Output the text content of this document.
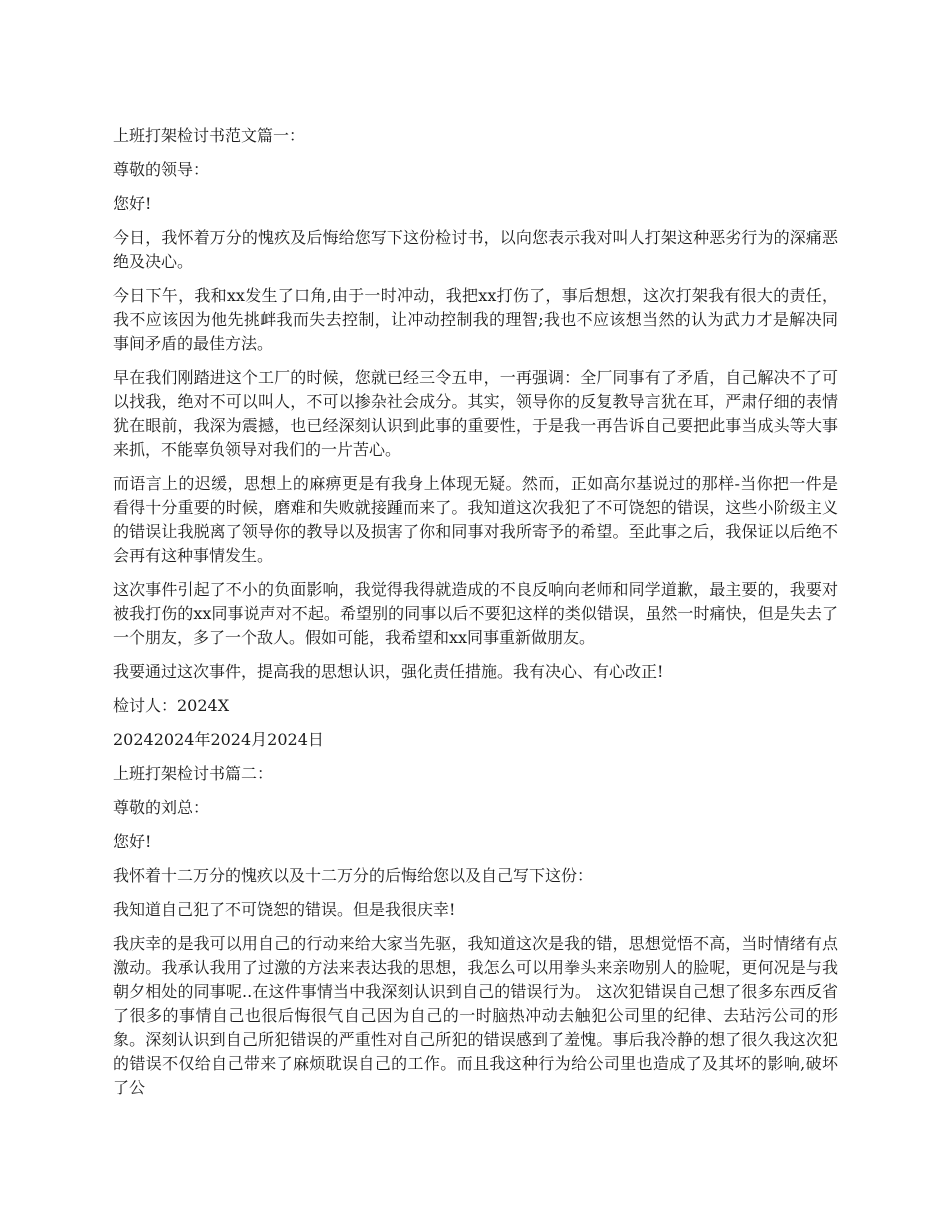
上班打架检讨书范文篇一：

尊敬的领导：

您好!

今日，我怀着万分的愧疚及后悔给您写下这份检讨书，以向您表示我对叫人打架这种恶劣行为的深痛恶绝及决心。

今日下午，我和xx发生了口角,由于一时冲动，我把xx打伤了，事后想想，这次打架我有很大的责任，我不应该因为他先挑衅我而失去控制，让冲动控制我的理智;我也不应该想当然的认为武力才是解决同事间矛盾的最佳方法。

早在我们刚踏进这个工厂的时候，您就已经三令五申，一再强调：全厂同事有了矛盾，自己解决不了可以找我，绝对不可以叫人，不可以掺杂社会成分。其实，领导你的反复教导言犹在耳，严肃仔细的表情犹在眼前，我深为震撼，也已经深刻认识到此事的重要性，于是我一再告诉自己要把此事当成头等大事来抓，不能辜负领导对我们的一片苦心。

而语言上的迟缓，思想上的麻痹更是有我身上体现无疑。然而，正如高尔基说过的那样-当你把一件是看得十分重要的时候，磨难和失败就接踵而来了。我知道这次我犯了不可饶恕的错误，这些小阶级主义的错误让我脱离了领导你的教导以及损害了你和同事对我所寄予的希望。至此事之后，我保证以后绝不会再有这种事情发生。

这次事件引起了不小的负面影响，我觉得我得就造成的不良反响向老师和同学道歉，最主要的，我要对被我打伤的xx同事说声对不起。希望别的同事以后不要犯这样的类似错误，虽然一时痛快，但是失去了一个朋友，多了一个敌人。假如可能，我希望和xx同事重新做朋友。

我要通过这次事件，提高我的思想认识，强化责任措施。我有决心、有心改正!

检讨人：2024X

20242024年2024月2024日

上班打架检讨书篇二：

尊敬的刘总：

您好!

我怀着十二万分的愧疚以及十二万分的后悔给您以及自己写下这份：

我知道自己犯了不可饶恕的错误。但是我很庆幸!

我庆幸的是我可以用自己的行动来给大家当先驱，我知道这次是我的错，思想觉悟不高，当时情绪有点激动。我承认我用了过激的方法来表达我的思想，我怎么可以用拳头来亲吻别人的脸呢，更何况是与我朝夕相处的同事呢..在这件事情当中我深刻认识到自己的错误行为。 这次犯错误自己想了很多东西反省了很多的事情自己也很后悔很气自己因为自己的一时脑热冲动去触犯公司里的纪律、去玷污公司的形象。深刻认识到自己所犯错误的严重性对自己所犯的错误感到了羞愧。事后我冷静的想了很久我这次犯的错误不仅给自己带来了麻烦耽误自己的工作。而且我这种行为给公司里也造成了及其坏的影响,破坏了公
